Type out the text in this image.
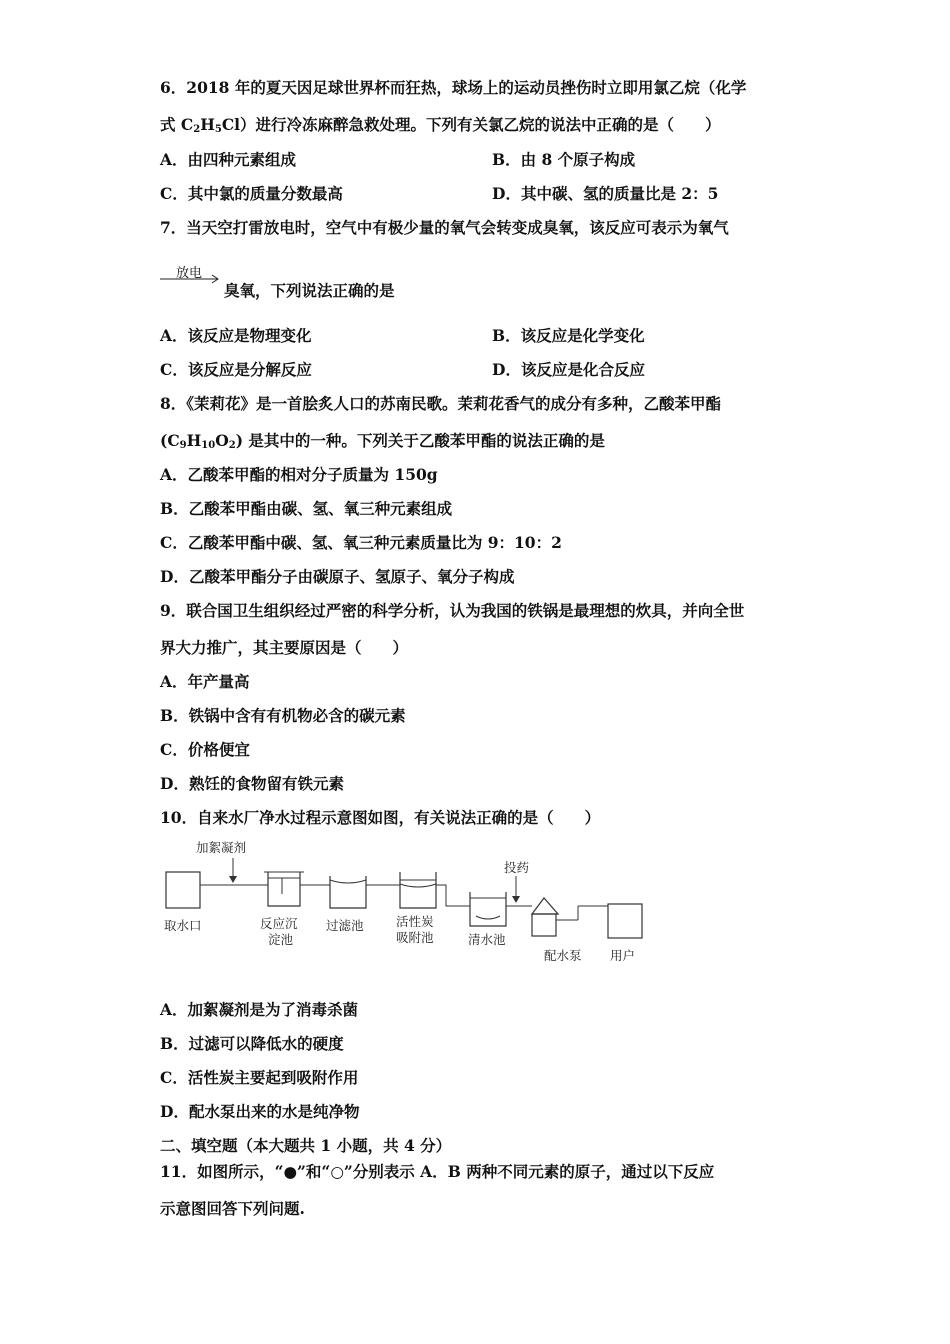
6．2018 年的夏天因足球世界杯而狂热，球场上的运动员挫伤时立即用氯乙烷（化学
式 $C_2H_5Cl$）进行冷冻麻醉急救处理。下列有关氯乙烷的说法中正确的是（　　）
A．由四种元素组成	B．由 8 个原子构成
C．其中氯的质量分数最高	D．其中碳、氢的质量比是 2：5
7．当天空打雷放电时，空气中有极少量的氧气会转变成臭氧，该反应可表示为氧气
放电
臭氧，下列说法正确的是
A．该反应是物理变化	B．该反应是化学变化
C．该反应是分解反应	D．该反应是化合反应
8．《茉莉花》是一首脍炙人口的苏南民歌。茉莉花香气的成分有多种，乙酸苯甲酯
$(C_9H_{10}O_2)$ 是其中的一种。下列关于乙酸苯甲酯的说法正确的是
A．乙酸苯甲酯的相对分子质量为 150g
B．乙酸苯甲酯由碳、氢、氧三种元素组成
C．乙酸苯甲酯中碳、氢、氧三种元素质量比为 9：10：2
D．乙酸苯甲酯分子由碳原子、氢原子、氧分子构成
9．联合国卫生组织经过严密的科学分析，认为我国的铁锅是最理想的炊具，并向全世
界大力推广，其主要原因是（　　）
A．年产量高
B．铁锅中含有有机物必含的碳元素
C．价格便宜
D．熟饪的食物留有铁元素
10．自来水厂净水过程示意图如图，有关说法正确的是（　　）
加絮凝剂
投药
取水口	反应沉
淀池
过滤池	活性炭
吸附池	清水池
配水泵 用户
A．加絮凝剂是为了消毒杀菌
B．过滤可以降低水的硬度
C．活性炭主要起到吸附作用
D．配水泵出来的水是纯净物
二、填空题（本大题共 1 小题，共 4 分）
11．如图所示，“●”和“○”分别表示 A．B 两种不同元素的原子，通过以下反应
示意图回答下列问题.
